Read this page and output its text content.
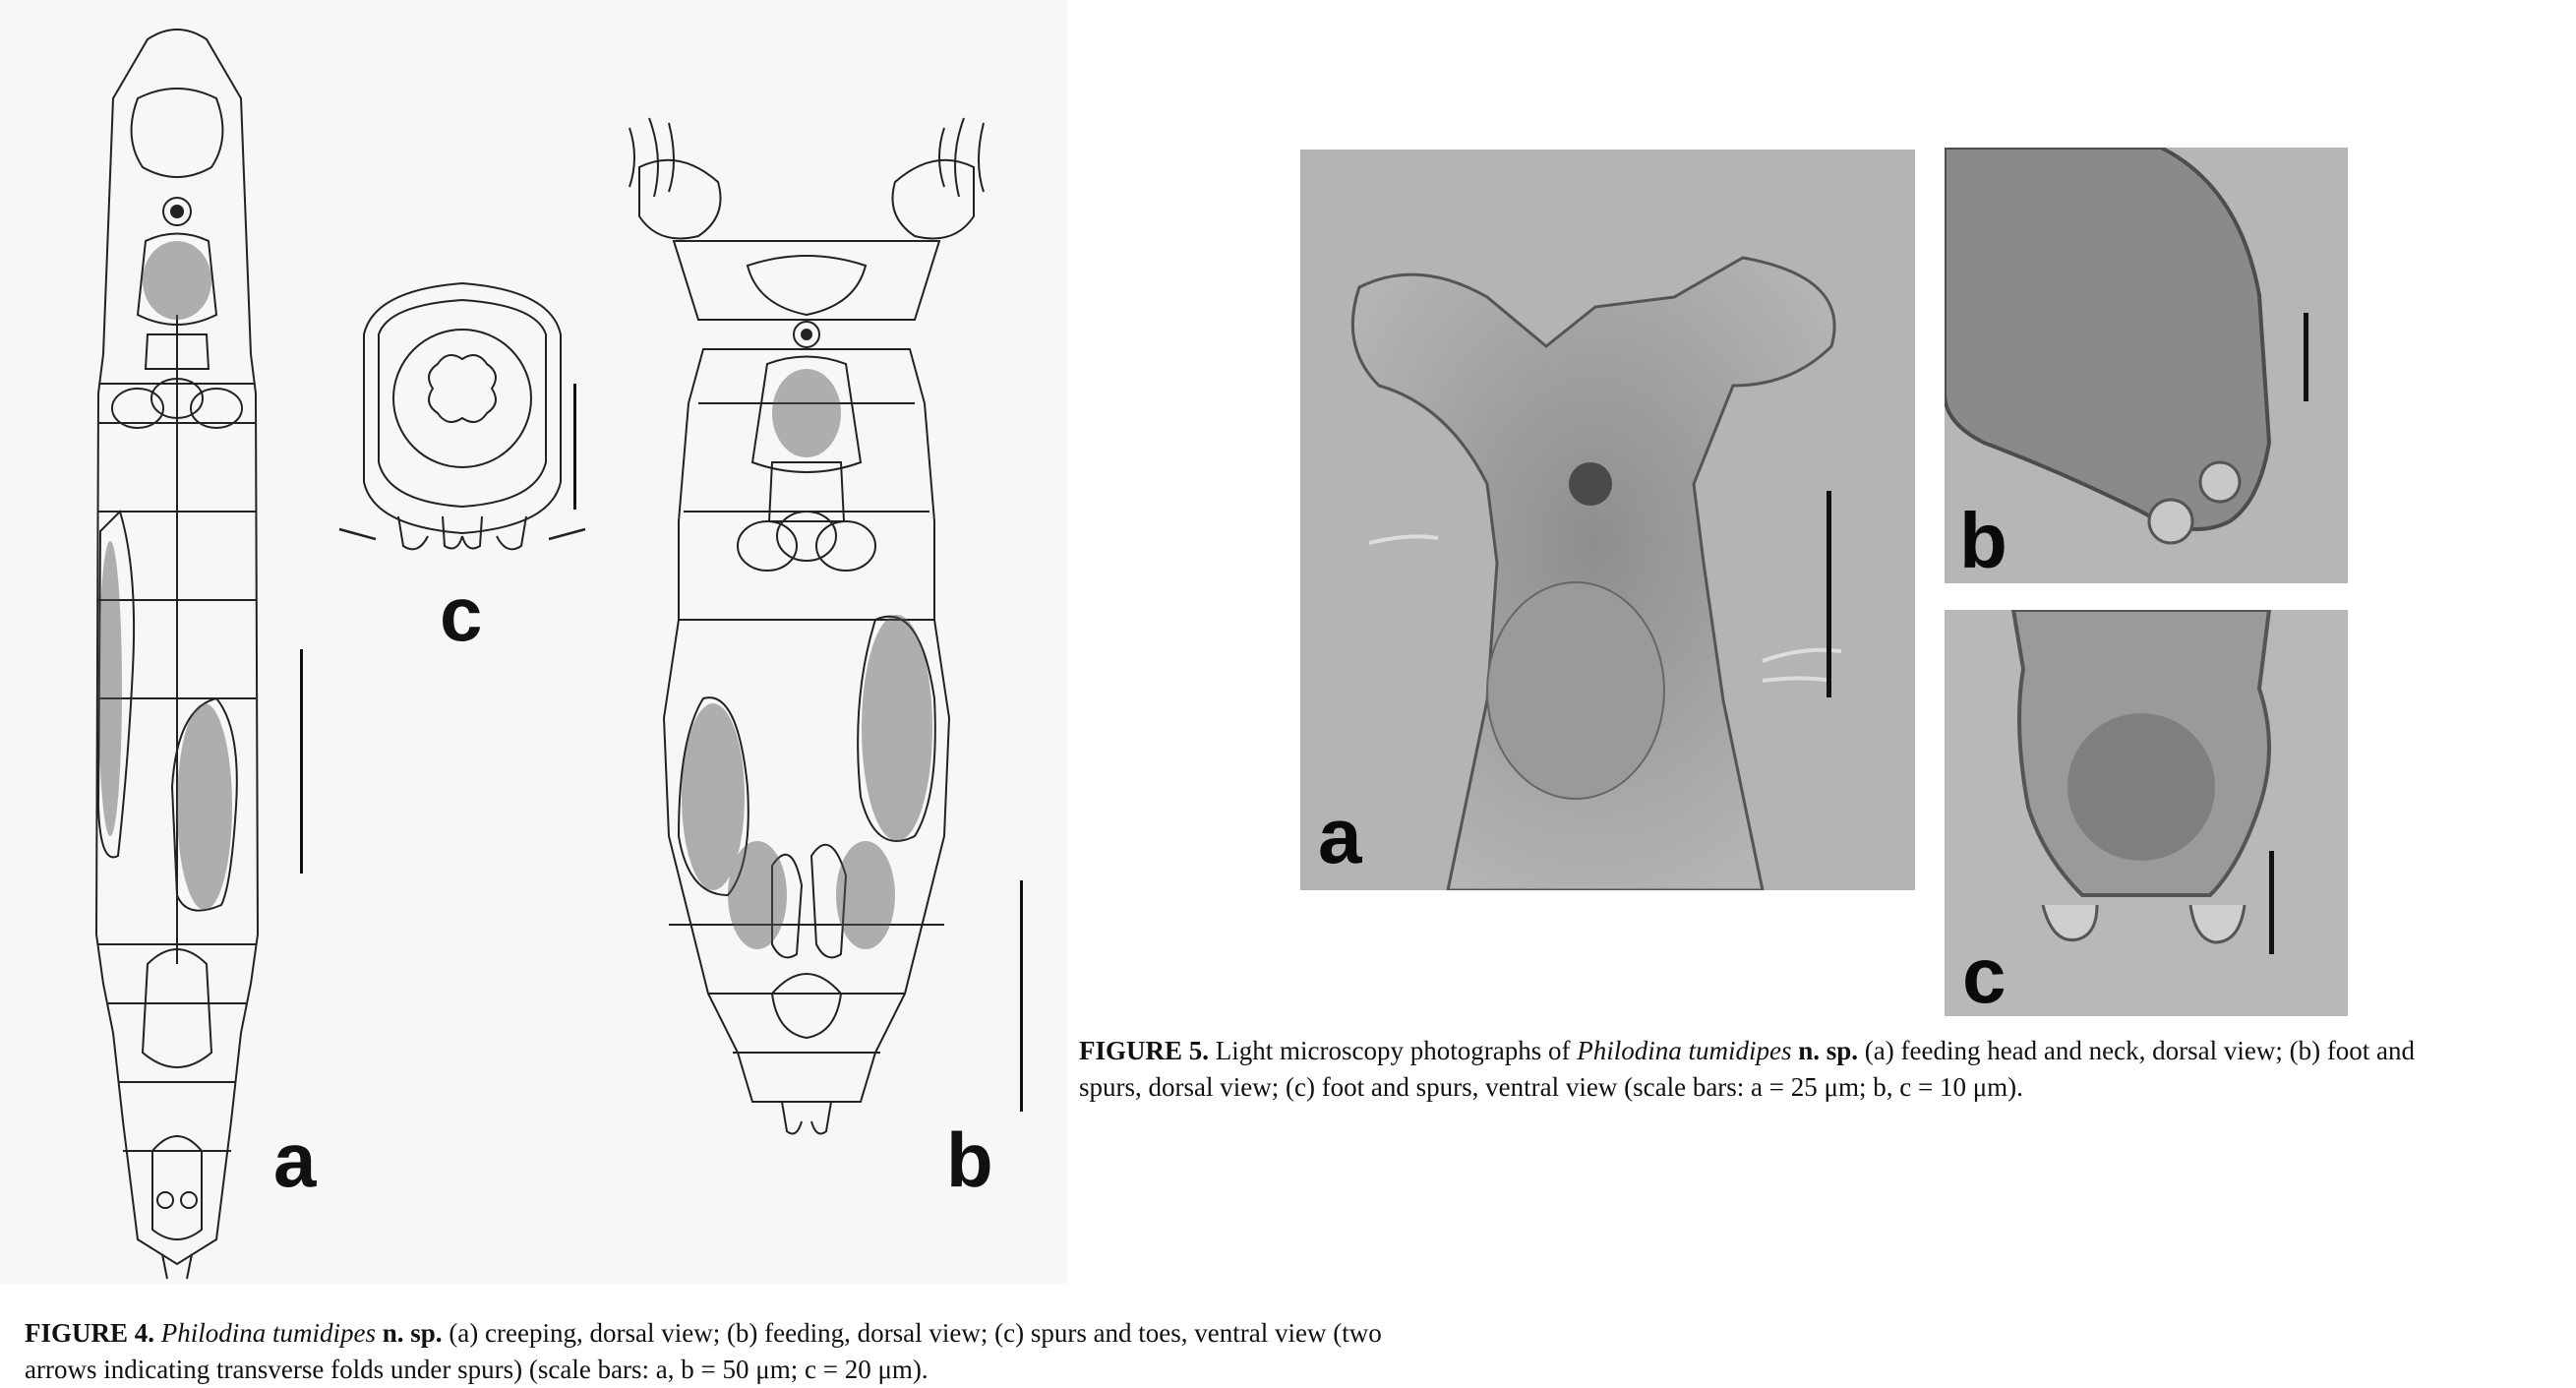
a
c
b
FIGURE 4. Philodina tumidipes n. sp. (a) creeping, dorsal view; (b) feeding, dorsal view; (c) spurs and toes, ventral view (two
arrows indicating transverse folds under spurs) (scale bars: a, b = 50 μm; c = 20 μm).
a
b
c
FIGURE 5. Light microscopy photographs of Philodina tumidipes n. sp. (a) feeding head and neck, dorsal view; (b) foot and
spurs, dorsal view; (c) foot and spurs, ventral view (scale bars: a = 25 μm; b, c = 10 μm).
